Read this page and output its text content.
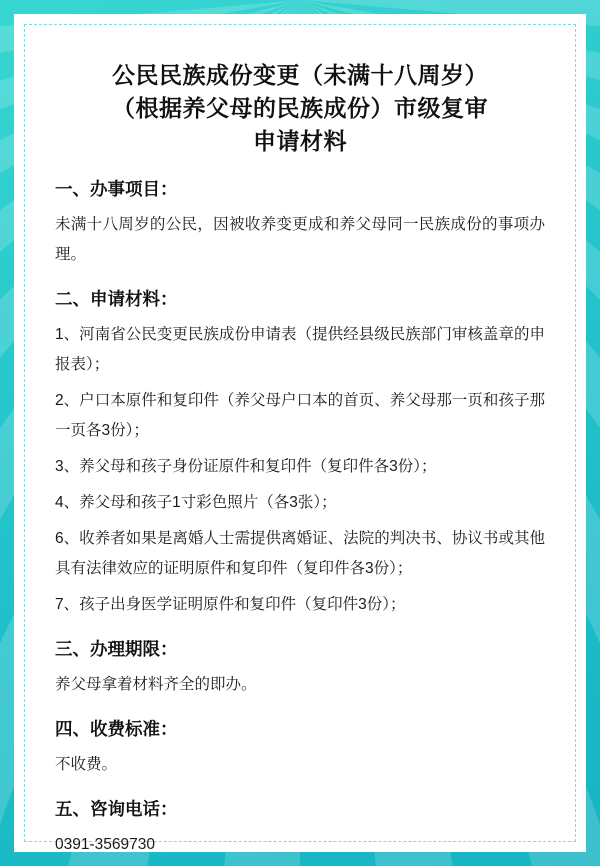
公民民族成份变更（未满十八周岁）
（根据养父母的民族成份）市级复审
申请材料
一、办事项目：

未满十八周岁的公民，因被收养变更成和养父母同一民族成份的事项办理。

二、申请材料：

1、河南省公民变更民族成份申请表（提供经县级民族部门审核盖章的申报表）；

2、户口本原件和复印件（养父母户口本的首页、养父母那一页和孩子那一页各3份）；

3、养父母和孩子身份证原件和复印件（复印件各3份）；

4、养父母和孩子1寸彩色照片（各3张）；

6、收养者如果是离婚人士需提供离婚证、法院的判决书、协议书或其他具有法律效应的证明原件和复印件（复印件各3份）；

7、孩子出身医学证明原件和复印件（复印件3份）；

三、办理期限：

养父母拿着材料齐全的即办。

四、收费标准：

不收费。

五、咨询电话：

0391-3569730
